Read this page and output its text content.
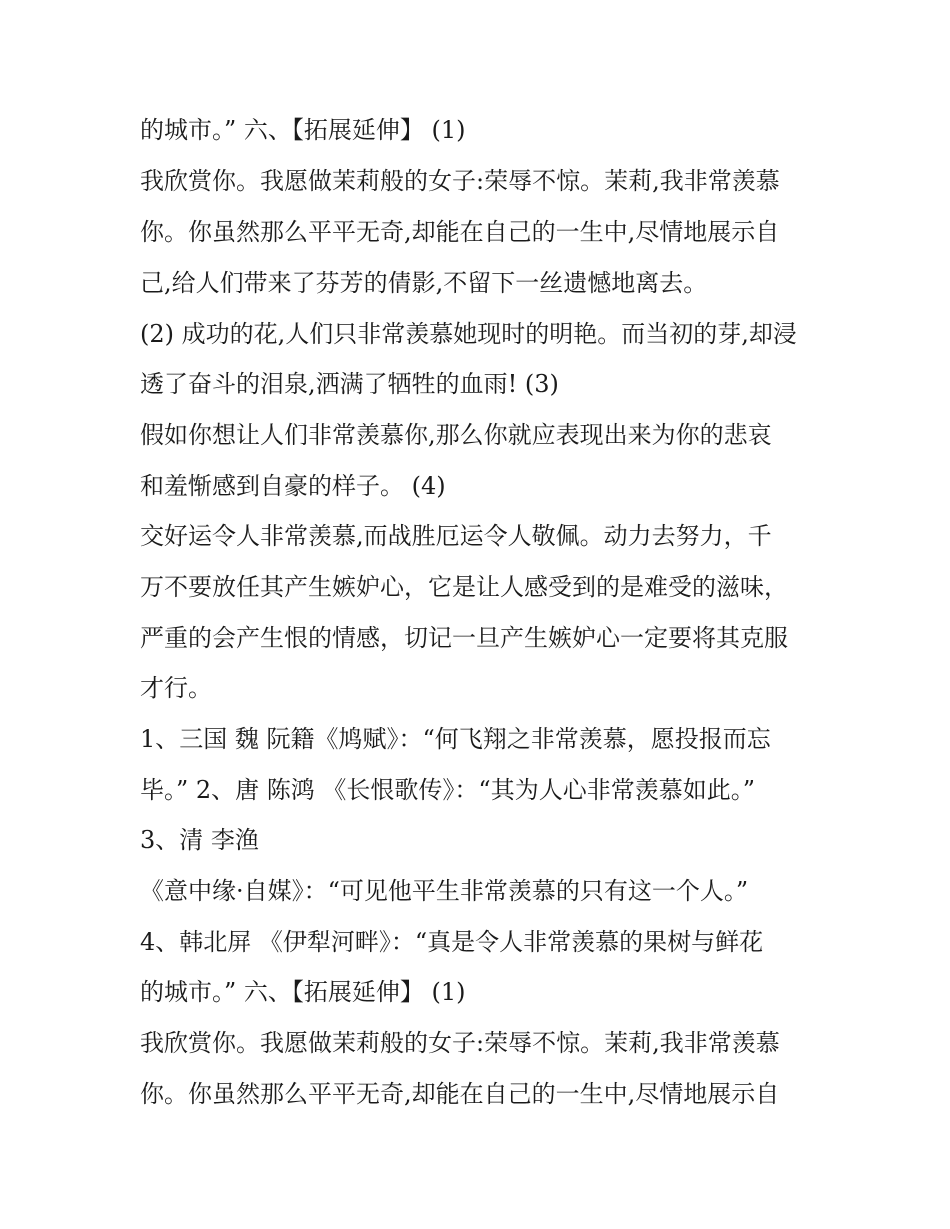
的城市。” 六、【拓展延伸】 (1)
我欣赏你。我愿做茉莉般的女子:荣辱不惊。茉莉,我非常羡慕
你。你虽然那么平平无奇,却能在自己的一生中,尽情地展示自
己,给人们带来了芬芳的倩影,不留下一丝遗憾地离去。
(2) 成功的花,人们只非常羡慕她现时的明艳。而当初的芽,却浸
透了奋斗的泪泉,洒满了牺牲的血雨! (3)
假如你想让人们非常羡慕你,那么你就应表现出来为你的悲哀
和羞惭感到自豪的样子。 (4)
交好运令人非常羡慕,而战胜厄运令人敬佩。动力去努力，千
万不要放任其产生嫉妒心，它是让人感受到的是难受的滋味，
严重的会产生恨的情感，切记一旦产生嫉妒心一定要将其克服
才行。
1、三国 魏 阮籍《鸠赋》：“何飞翔之非常羡慕，愿投报而忘
毕。” 2、唐 陈鸿 《长恨歌传》：“其为人心非常羡慕如此。”
3、清 李渔
《意中缘·自媒》：“可见他平生非常羡慕的只有这一个人。”
4、韩北屏 《伊犁河畔》：“真是令人非常羡慕的果树与鲜花
的城市。” 六、【拓展延伸】 (1)
我欣赏你。我愿做茉莉般的女子:荣辱不惊。茉莉,我非常羡慕
你。你虽然那么平平无奇,却能在自己的一生中,尽情地展示自
